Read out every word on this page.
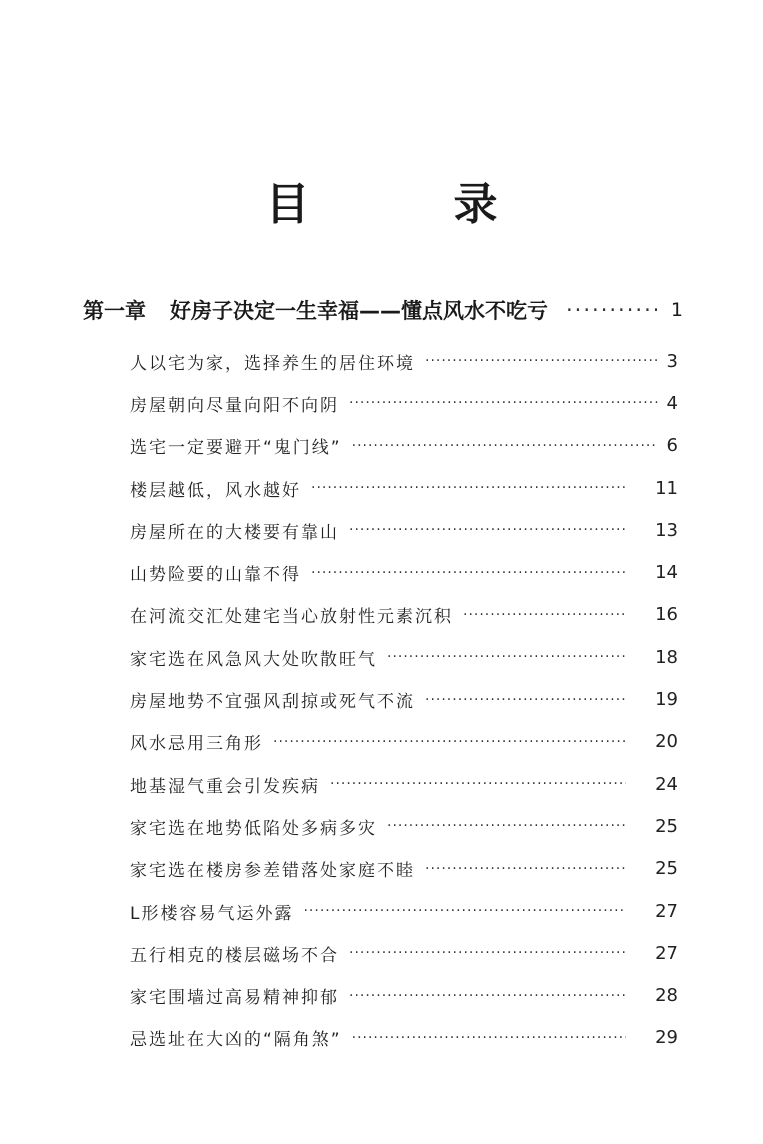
目　录
第一章 好房子决定一生幸福——懂点风水不吃亏 ·····	1
人以宅为家，选择养生的居住环境 ·····	3
房屋朝向尽量向阳不向阴 ·····	4
选宅一定要避开“鬼门线” ·····	6
楼层越低，风水越好 ·····	11
房屋所在的大楼要有靠山 ·····	13
山势险要的山靠不得 ·····	14
在河流交汇处建宅当心放射性元素沉积 ·····	16
家宅选在风急风大处吹散旺气 ·····	18
房屋地势不宜强风刮掠或死气不流 ·····	19
风水忌用三角形 ·····	20
地基湿气重会引发疾病 ·····	24
家宅选在地势低陷处多病多灾 ·····	25
家宅选在楼房参差错落处家庭不睦 ·····	25
L形楼容易气运外露 ·····	27
五行相克的楼层磁场不合 ·····	27
家宅围墙过高易精神抑郁 ·····	28
忌选址在大凶的“隔角煞” ·····	29
